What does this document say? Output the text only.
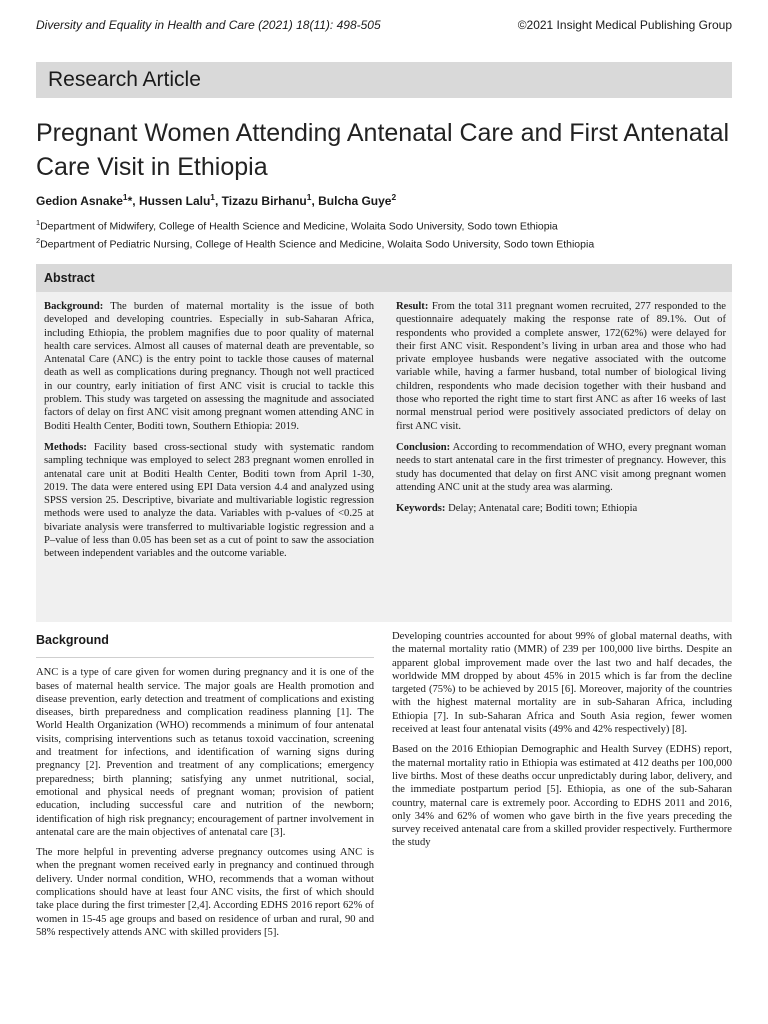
Diversity and Equality in Health and Care (2021) 18(11): 498-505	©2021 Insight Medical Publishing Group
Research Article
Pregnant Women Attending Antenatal Care and First Antenatal Care Visit in Ethiopia
Gedion Asnake$^1$*, Hussen Lalu$^1$, Tizazu Birhanu$^1$, Bulcha Guye$^2$
$^1$Department of Midwifery, College of Health Science and Medicine, Wolaita Sodo University, Sodo town Ethiopia
$^2$Department of Pediatric Nursing, College of Health Science and Medicine, Wolaita Sodo University, Sodo town Ethiopia
Abstract

Background: The burden of maternal mortality is the issue of both developed and developing countries. Especially in sub-Saharan Africa, including Ethiopia, the problem magnifies due to poor quality of maternal health care services. Almost all causes of maternal death are preventable, so Antenatal Care (ANC) is the entry point to tackle those causes of maternal death as well as complications during pregnancy. Though not well practiced in our country, early initiation of first ANC visit is crucial to tackle this problem. This study was targeted on assessing the magnitude and associated factors of delay on first ANC visit among pregnant women attending ANC in Boditi Health Center, Boditi town, Southern Ethiopia: 2019.

Methods: Facility based cross-sectional study with systematic random sampling technique was employed to select 283 pregnant women enrolled in antenatal care unit at Boditi Health Center, Boditi town from April 1-30, 2019. The data were entered using EPI Data version 4.4 and analyzed using SPSS version 25. Descriptive, bivariate and multivariable logistic regression methods were used to analyze the data. Variables with p-values of <0.25 at bivariate analysis were transferred to multivariable logistic regression and a P–value of less than 0.05 has been set as a cut of point to saw the association between independent variables and the outcome variable.

Result: From the total 311 pregnant women recruited, 277 responded to the questionnaire adequately making the response rate of 89.1%. Out of respondents who provided a complete answer, 172(62%) were delayed for their first ANC visit. Respondent’s living in urban area and those who had private employee husbands were negative associated with the outcome variable while, having a farmer husband, total number of biological living children, respondents who made decision together with their husband and those who reported the right time to start first ANC as after 16 weeks of last normal menstrual period were positively associated predictors of delay on first ANC visit.

Conclusion: According to recommendation of WHO, every pregnant woman needs to start antenatal care in the first trimester of pregnancy. However, this study has documented that delay on first ANC visit among pregnant women attending ANC unit at the study area was alarming.

Keywords: Delay; Antenatal care; Boditi town; Ethiopia

Background

ANC is a type of care given for women during pregnancy and it is one of the bases of maternal health service. The major goals are Health promotion and disease prevention, early detection and treatment of complications and existing diseases, birth preparedness and complication readiness planning [1]. The World Health Organization (WHO) recommends a minimum of four antenatal visits, comprising interventions such as tetanus toxoid vaccination, screening and treatment for infections, and identification of warning signs during pregnancy [2]. Prevention and treatment of any complications; emergency preparedness; birth planning; satisfying any unmet nutritional, social, emotional and physical needs of pregnant woman; provision of patient education, including successful care and nutrition of the newborn; identification of high risk pregnancy; encouragement of partner involvement in antenatal care are the main objectives of antenatal care [3].

The more helpful in preventing adverse pregnancy outcomes using ANC is when the pregnant women received early in pregnancy and continued through delivery. Under normal condition, WHO, recommends that a woman without complications should have at least four ANC visits, the first of which should take place during the first trimester [2,4]. According EDHS 2016 report 62% of women in 15-45 age groups and based on residence of urban and rural, 90 and 58% respectively attends ANC with skilled providers [5].

Developing countries accounted for about 99% of global maternal deaths, with the maternal mortality ratio (MMR) of 239 per 100,000 live births. Despite an apparent global improvement made over the last two and half decades, the worldwide MM dropped by about 45% in 2015 which is far from the decline targeted (75%) to be achieved by 2015 [6]. Moreover, majority of the countries with the highest maternal mortality are in sub-Saharan Africa, including Ethiopia [7]. In sub-Saharan Africa and South Asia region, fewer women received at least four antenatal visits (49% and 42% respectively) [8].

Based on the 2016 Ethiopian Demographic and Health Survey (EDHS) report, the maternal mortality ratio in Ethiopia was estimated at 412 deaths per 100,000 live births. Most of these deaths occur unpredictably during labor, delivery, and the immediate postpartum period [5]. Ethiopia, as one of the sub-Saharan country, maternal care is extremely poor. According to EDHS 2011 and 2016, only 34% and 62% of women who gave birth in the five years preceding the survey received antenatal care from a skilled provider respectively. Furthermore the study
